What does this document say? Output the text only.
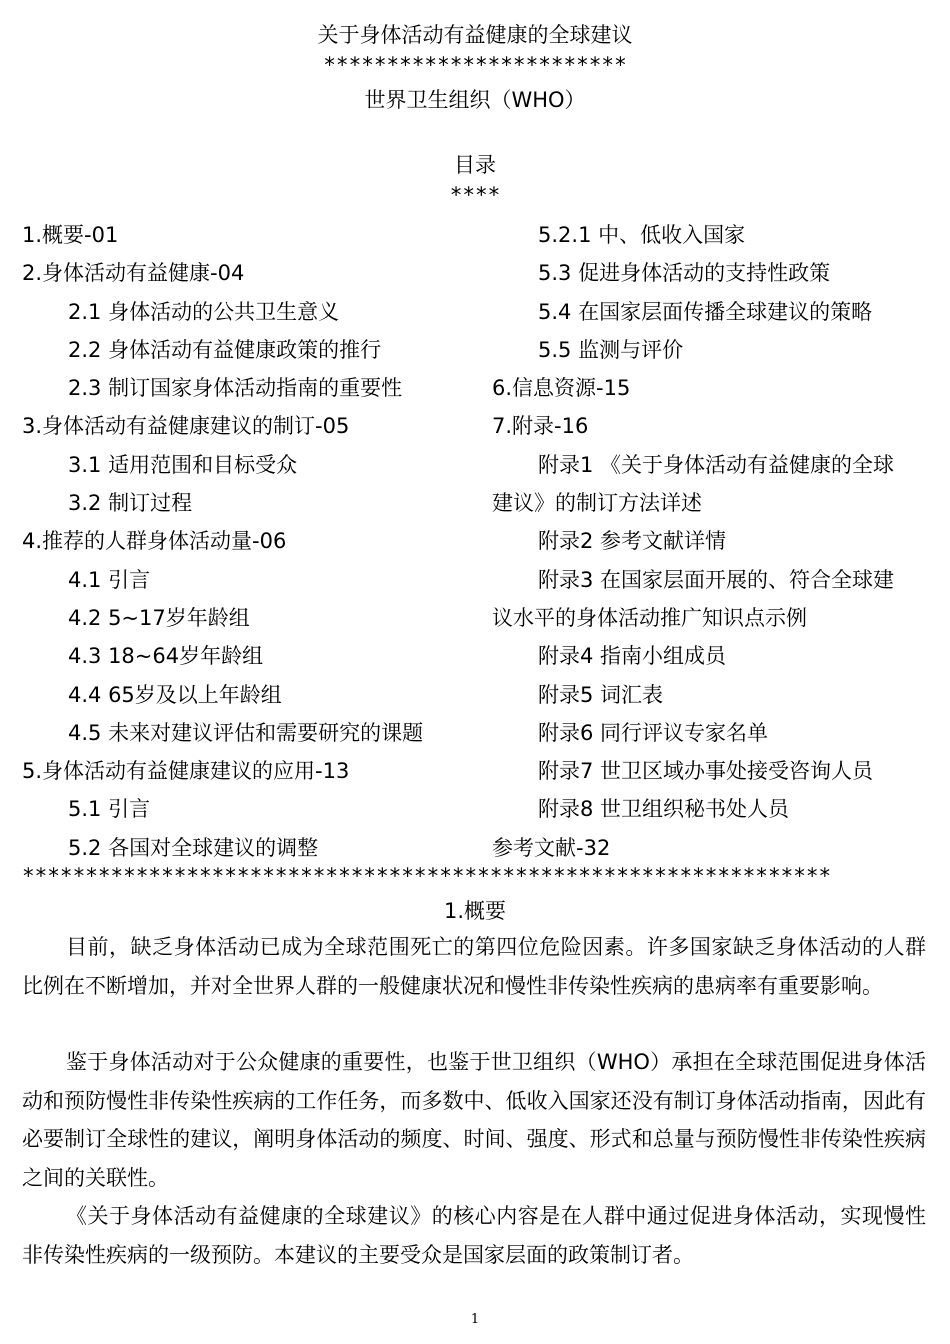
关于身体活动有益健康的全球建议
************************
世界卫生组织（WHO）
目录
****
1.概要-01
2.身体活动有益健康-04
2.1 身体活动的公共卫生意义
2.2 身体活动有益健康政策的推行
2.3 制订国家身体活动指南的重要性
3.身体活动有益健康建议的制订-05
3.1 适用范围和目标受众
3.2 制订过程
4.推荐的人群身体活动量-06
4.1 引言
4.2 5~17岁年龄组
4.3 18~64岁年龄组
4.4 65岁及以上年龄组
4.5 未来对建议评估和需要研究的课题
5.身体活动有益健康建议的应用-13
5.1 引言
5.2 各国对全球建议的调整
5.2.1 中、低收入国家
5.3 促进身体活动的支持性政策
5.4 在国家层面传播全球建议的策略
5.5 监测与评价
6.信息资源-15
7.附录-16
附录1 《关于身体活动有益健康的全球
建议》的制订方法详述
附录2 参考文献详情
附录3 在国家层面开展的、符合全球建
议水平的身体活动推广知识点示例
附录4 指南小组成员
附录5 词汇表
附录6 同行评议专家名单
附录7 世卫区域办事处接受咨询人员
附录8 世卫组织秘书处人员
参考文献-32
****************************************************************
1.概要
目前，缺乏身体活动已成为全球范围死亡的第四位危险因素。许多国家缺乏身体活动的人群比例在不断增加，并对全世界人群的一般健康状况和慢性非传染性疾病的患病率有重要影响。
鉴于身体活动对于公众健康的重要性，也鉴于世卫组织（WHO）承担在全球范围促进身体活动和预防慢性非传染性疾病的工作任务，而多数中、低收入国家还没有制订身体活动指南，因此有必要制订全球性的建议，阐明身体活动的频度、时间、强度、形式和总量与预防慢性非传染性疾病之间的关联性。
《关于身体活动有益健康的全球建议》的核心内容是在人群中通过促进身体活动，实现慢性非传染性疾病的一级预防。本建议的主要受众是国家层面的政策制订者。
1
